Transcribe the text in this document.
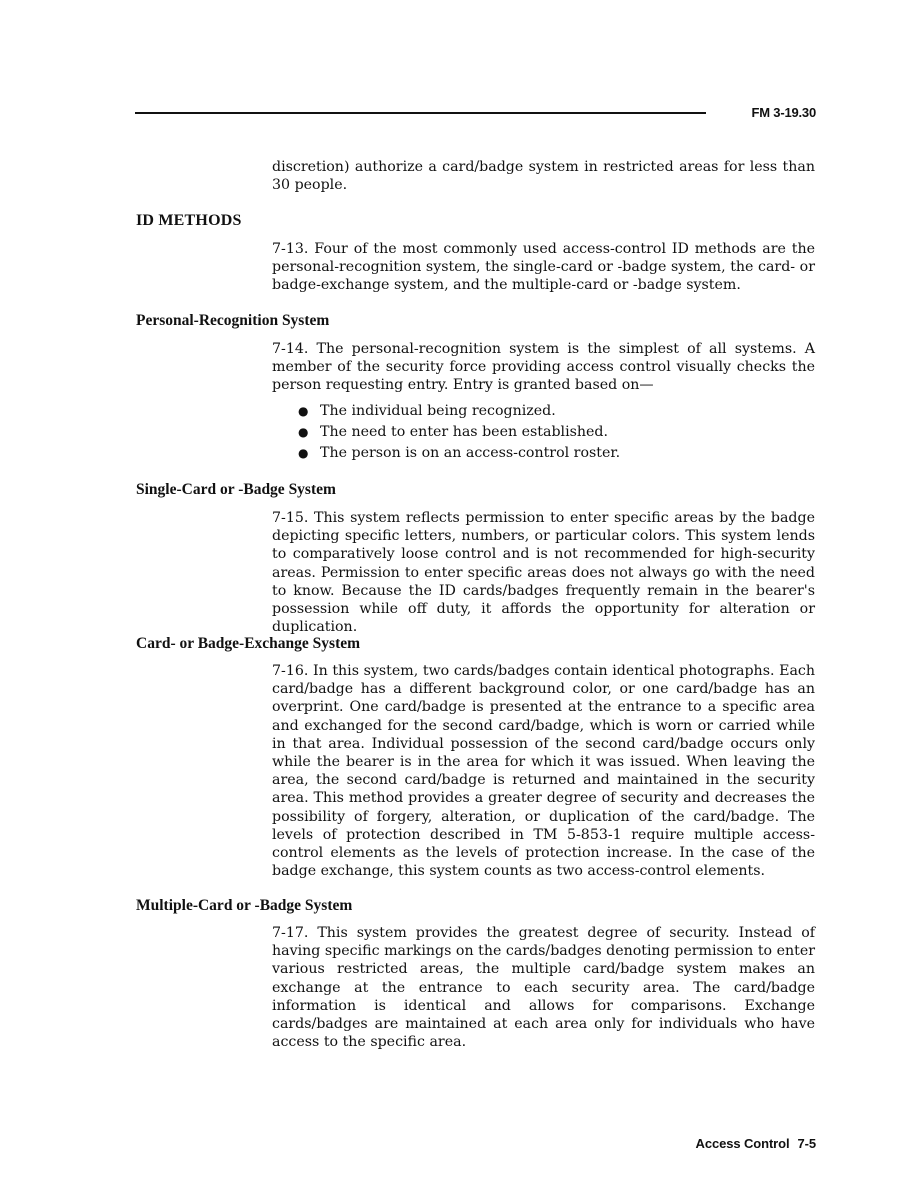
FM 3-19.30

discretion) authorize a card/badge system in restricted areas for less than 30 people.

ID METHODS

7-13. Four of the most commonly used access-control ID methods are the personal-recognition system, the single-card or -badge system, the card- or badge-exchange system, and the multiple-card or -badge system.

Personal-Recognition System

7-14. The personal-recognition system is the simplest of all systems. A member of the security force providing access control visually checks the person requesting entry. Entry is granted based on—

● The individual being recognized.
● The need to enter has been established.
● The person is on an access-control roster.
Single-Card or -Badge System

7-15. This system reflects permission to enter specific areas by the badge depicting specific letters, numbers, or particular colors. This system lends to comparatively loose control and is not recommended for high-security areas. Permission to enter specific areas does not always go with the need to know. Because the ID cards/badges frequently remain in the bearer's possession while off duty, it affords the opportunity for alteration or duplication.

Card- or Badge-Exchange System

7-16. In this system, two cards/badges contain identical photographs. Each card/badge has a different background color, or one card/badge has an overprint. One card/badge is presented at the entrance to a specific area and exchanged for the second card/badge, which is worn or carried while in that area. Individual possession of the second card/badge occurs only while the bearer is in the area for which it was issued. When leaving the area, the second card/badge is returned and maintained in the security area. This method provides a greater degree of security and decreases the possibility of forgery, alteration, or duplication of the card/badge. The levels of protection described in TM 5-853-1 require multiple access-control elements as the levels of protection increase. In the case of the badge exchange, this system counts as two access-control elements.

Multiple-Card or -Badge System

7-17. This system provides the greatest degree of security. Instead of having specific markings on the cards/badges denoting permission to enter various restricted areas, the multiple card/badge system makes an exchange at the entrance to each security area. The card/badge information is identical and allows for comparisons. Exchange cards/badges are maintained at each area only for individuals who have access to the specific area.

Access Control 7-5
